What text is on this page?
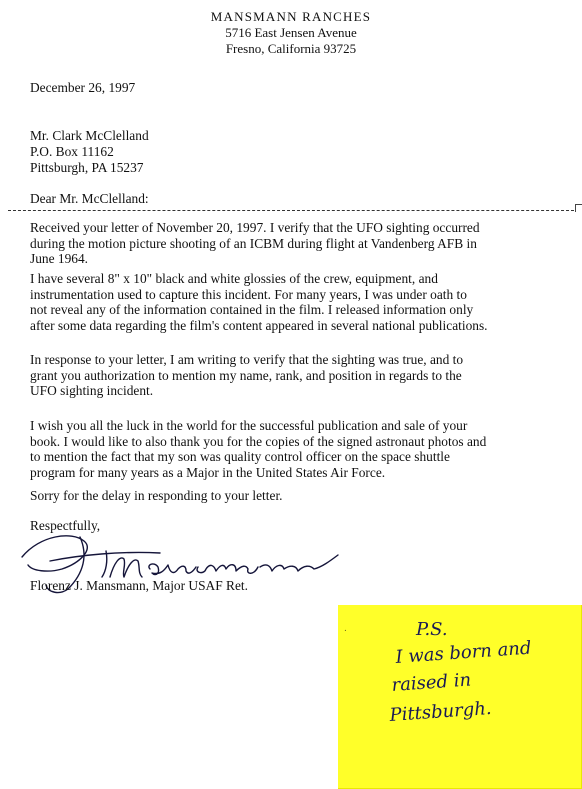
MANSMANN RANCHES
5716 East Jensen Avenue
Fresno, California 93725
December 26, 1997
Mr. Clark McClelland
P.O. Box 11162
Pittsburgh, PA 15237
Dear Mr. McClelland:
Received your letter of November 20, 1997. I verify that the UFO sighting occurred
during the motion picture shooting of an ICBM during flight at Vandenberg AFB in
June 1964.
I have several 8" x 10" black and white glossies of the crew, equipment, and
instrumentation used to capture this incident. For many years, I was under oath to
not reveal any of the information contained in the film. I released information only
after some data regarding the film's content appeared in several national publications.
In response to your letter, I am writing to verify that the sighting was true, and to
grant you authorization to mention my name, rank, and position in regards to the
UFO sighting incident.
I wish you all the luck in the world for the successful publication and sale of your
book. I would like to also thank you for the copies of the signed astronaut photos and
to mention the fact that my son was quality control officer on the space shuttle
program for many years as a Major in the United States Air Force.
Sorry for the delay in responding to your letter.
Respectfully,
Florenz J. Mansmann, Major USAF Ret.
.	P.S.
I was born and
raised in
Pittsburgh.
